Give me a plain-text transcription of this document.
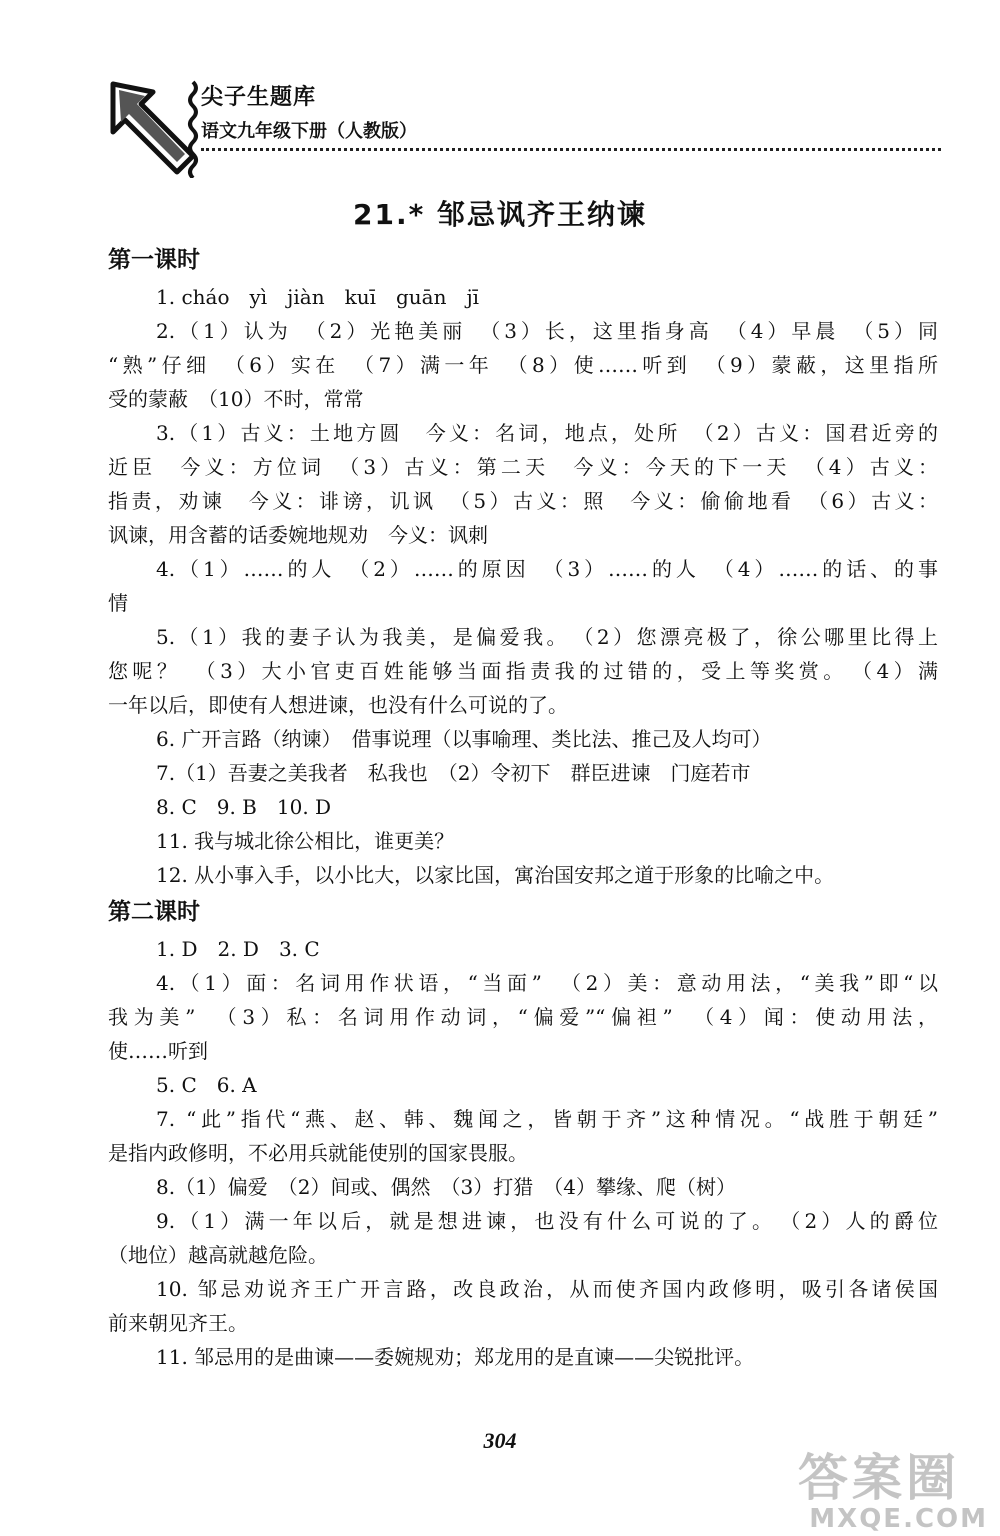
尖子生题库
语文九年级下册（人教版）
21.* 邹忌讽齐王纳谏
第一课时
1. cháo　yì　jiàn　kuī　guān　jī
2.（1）认为　（2）光艳美丽　（3）长，这里指身高　（4）早晨　（5）同
“熟”仔细　（6）实在　（7）满一年　（8）使……听到　（9）蒙蔽，这里指所
受的蒙蔽　（10）不时，常常
3.（1）古义：土地方圆　今义：名词，地点，处所　（2）古义：国君近旁的
近臣　今义：方位词　（3）古义：第二天　今义：今天的下一天　（4）古义：
指责，劝谏　今义：诽谤，讥讽　（5）古义：照　今义：偷偷地看　（6）古义：
讽谏，用含蓄的话委婉地规劝　今义：讽刺
4.（1）……的人　（2）……的原因　（3）……的人　（4）……的话、的事
情
5.（1）我的妻子认为我美，是偏爱我。　（2）您漂亮极了，徐公哪里比得上
您呢？　（3）大小官吏百姓能够当面指责我的过错的，受上等奖赏。　（4）满
一年以后，即使有人想进谏，也没有什么可说的了。
6. 广开言路（纳谏）　借事说理（以事喻理、类比法、推己及人均可）
7.（1）吾妻之美我者　私我也　（2）令初下　群臣进谏　门庭若市
8. C　9. B　10. D
11. 我与城北徐公相比，谁更美？
12. 从小事入手，以小比大，以家比国，寓治国安邦之道于形象的比喻之中。
第二课时
1. D　2. D　3. C
4.（1）面：名词用作状语，“当面”　（2）美：意动用法，“美我”即“以
我为美”　（3）私：名词用作动词，“偏爱”“偏袒”　（4）闻：使动用法，
使……听到
5. C　6. A
7. “此”指代“燕、赵、韩、魏闻之，皆朝于齐”这种情况。“战胜于朝廷”
是指内政修明，不必用兵就能使别的国家畏服。
8.（1）偏爱　（2）间或、偶然　（3）打猎　（4）攀缘、爬（树）
9.（1）满一年以后，就是想进谏，也没有什么可说的了。　（2）人的爵位
（地位）越高就越危险。
10. 邹忌劝说齐王广开言路，改良政治，从而使齐国内政修明，吸引各诸侯国
前来朝见齐王。
11. 邹忌用的是曲谏——委婉规劝；郑龙用的是直谏——尖锐批评。
304
答案圈
MXQE.COM
